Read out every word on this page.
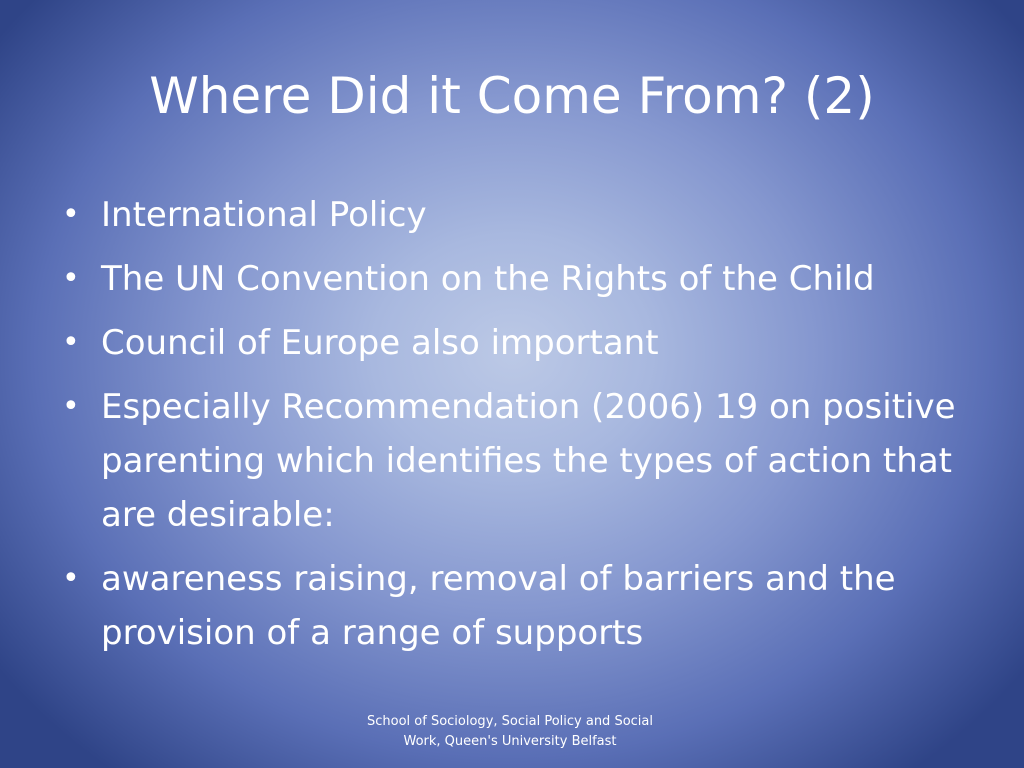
Where Did it Come From? (2)
• International Policy
• The UN Convention on the Rights of the Child
• Council of Europe also important
• Especially Recommendation (2006) 19 on positive parenting which identifies the types of action that are desirable:
• awareness raising, removal of barriers and the provision of a range of supports
School of Sociology, Social Policy and Social
Work, Queen's University Belfast
